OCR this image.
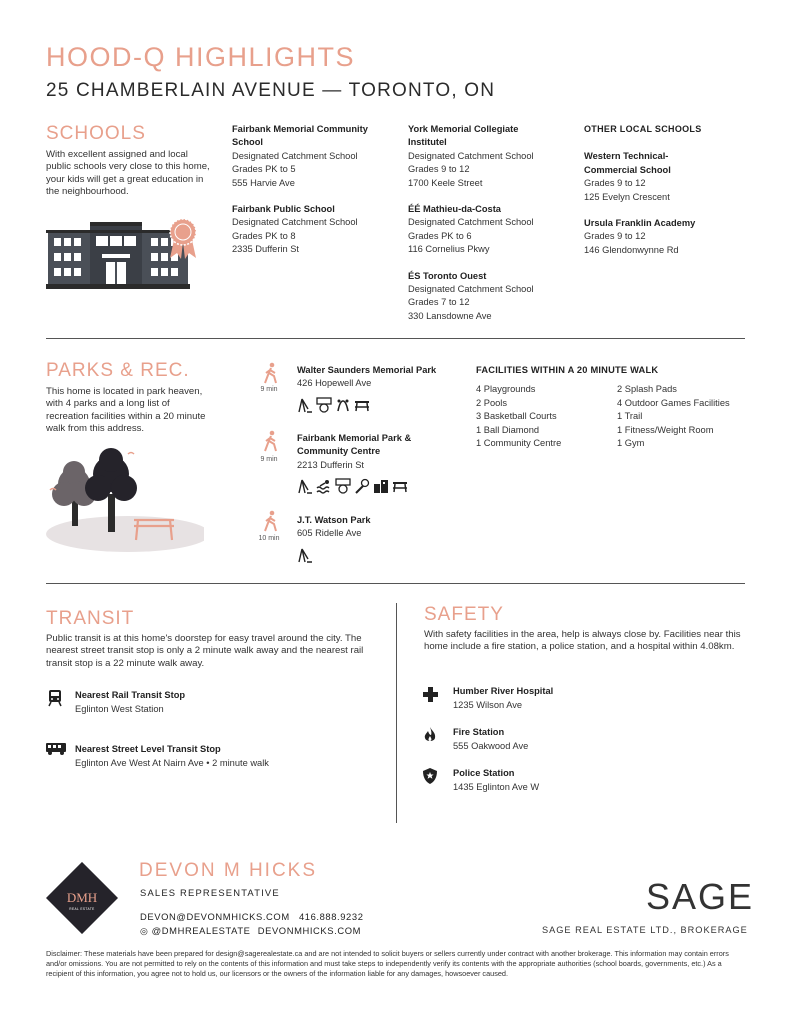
HOOD-Q HIGHLIGHTS
25 CHAMBERLAIN AVENUE — TORONTO, ON
SCHOOLS
With excellent assigned and local public schools very close to this home, your kids will get a great education in the neighbourhood.
Fairbank Memorial Community School
Designated Catchment School
Grades PK to 5
555 Harvie Ave
Fairbank Public School
Designated Catchment School
Grades PK to 8
2335 Dufferin St
York Memorial Collegiate Institutel
Designated Catchment School
Grades 9 to 12
1700 Keele Street
ÉÉ Mathieu-da-Costa
Designated Catchment School
Grades PK to 6
116 Cornelius Pkwy
ÉS Toronto Ouest
Designated Catchment School
Grades 7 to 12
330 Lansdowne Ave
OTHER LOCAL SCHOOLS
Western Technical-Commercial School
Grades 9 to 12
125 Evelyn Crescent
Ursula Franklin Academy
Grades 9 to 12
146 Glendonwynne Rd
PARKS & REC.
This home is located in park heaven, with 4 parks and a long list of recreation facilities within a 20 minute walk from this address.
9 min
Walter Saunders Memorial Park
426 Hopewell Ave
9 min
Fairbank Memorial Park & Community Centre
2213 Dufferin St
10 min
J.T. Watson Park
605 Ridelle Ave
FACILITIES WITHIN A 20 MINUTE WALK
4 Playgrounds
2 Pools
3 Basketball Courts
1 Ball Diamond
1 Community Centre
2 Splash Pads
4 Outdoor Games Facilities
1 Trail
1 Fitness/Weight Room
1 Gym
TRANSIT
Public transit is at this home's doorstep for easy travel around the city. The nearest street transit stop is only a 2 minute walk away and the nearest rail transit stop is a 22 minute walk away.
Nearest Rail Transit Stop
Eglinton West Station
Nearest Street Level Transit Stop
Eglinton Ave West At Nairn Ave • 2 minute walk
SAFETY
With safety facilities in the area, help is always close by. Facilities near this home include a fire station, a police station, and a hospital within 4.08km.
Humber River Hospital
1235 Wilson Ave
Fire Station
555 Oakwood Ave
Police Station
1435 Eglinton Ave W
DMH
REAL ESTATE
DEVON M HICKS
SALES REPRESENTATIVE
DEVON@DEVONMHICKS.COM 416.888.9232
◎ @DMHREALESTATE DEVONMHICKS.COM
SAGE
SAGE REAL ESTATE LTD., BROKERAGE
Disclaimer: These materials have been prepared for design@sagerealestate.ca and are not intended to solicit buyers or sellers currently under contract with another brokerage. This information may contain errors and/or omissions. You are not permitted to rely on the contents of this information and must take steps to independently verify its contents with the appropriate authorities (school boards, governments, etc.) As a recipient of this information, you agree not to hold us, our licensors or the owners of the information liable for any damages, howsoever caused.
